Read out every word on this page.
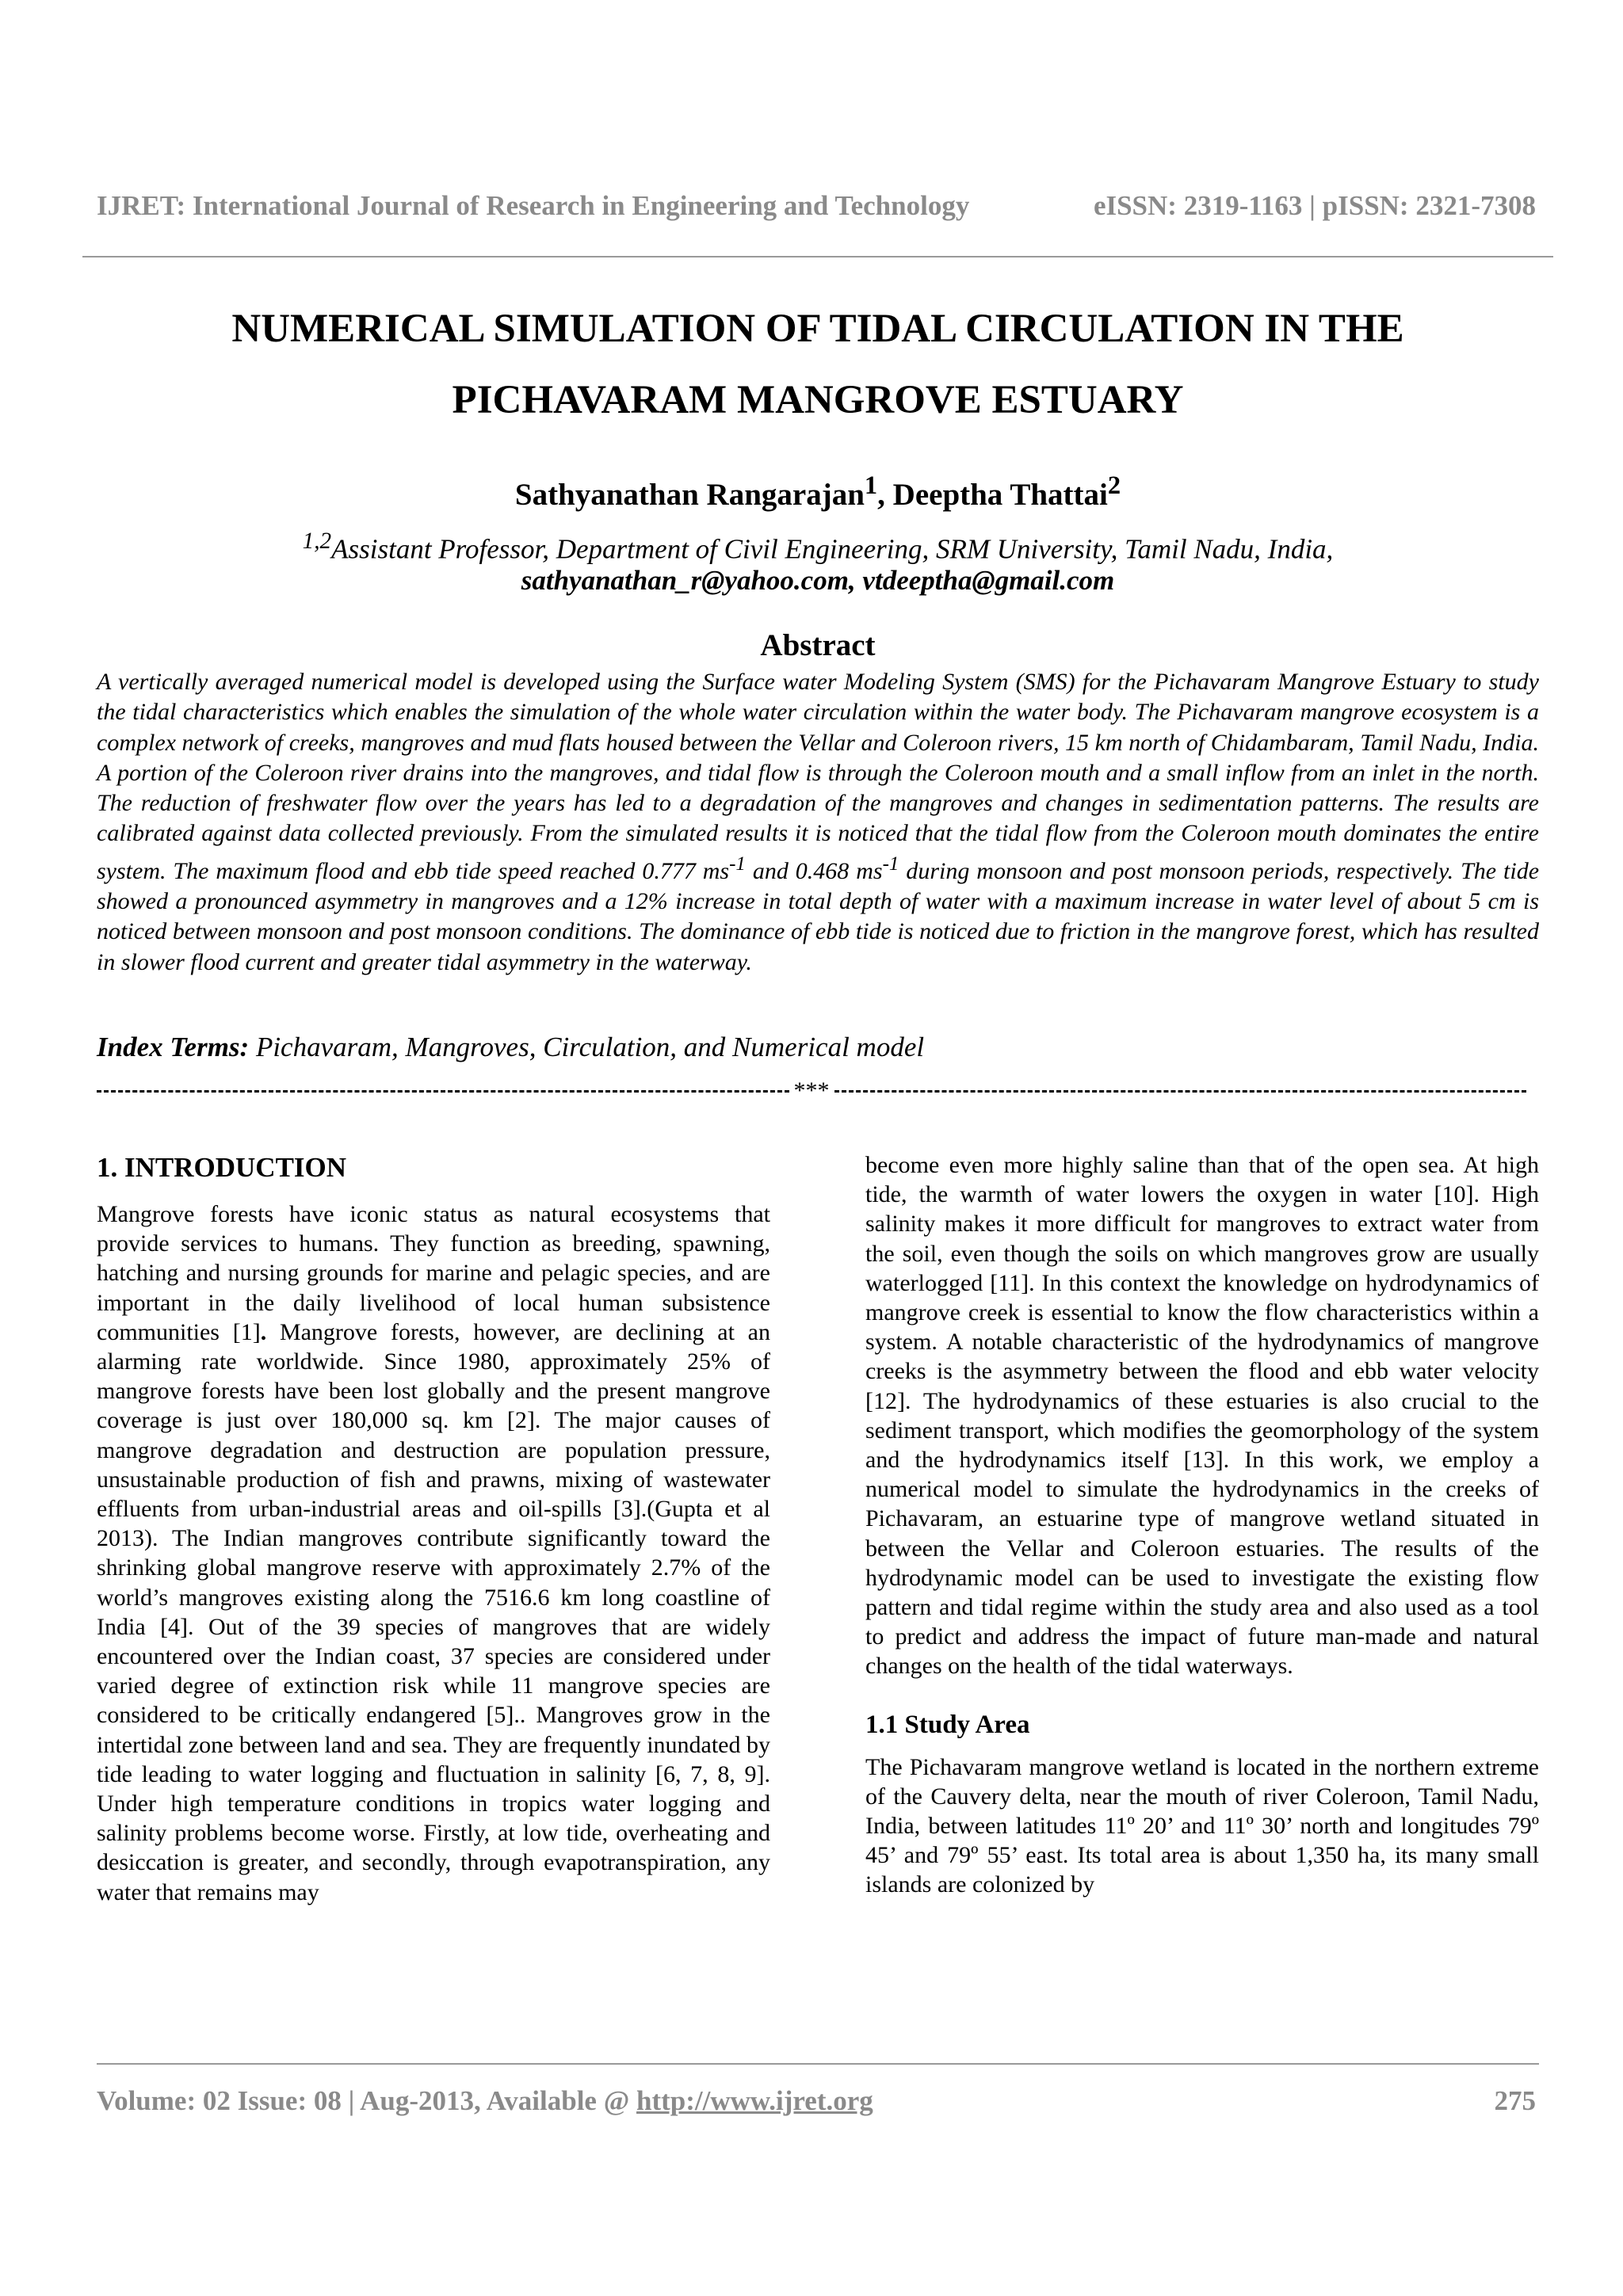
IJRET: International Journal of Research in Engineering and Technology	eISSN: 2319-1163 | pISSN: 2321-7308
NUMERICAL SIMULATION OF TIDAL CIRCULATION IN THE
PICHAVARAM MANGROVE ESTUARY
Sathyanathan Rangarajan$^1$, Deeptha Thattai$^2$
$^{1,2}$Assistant Professor, Department of Civil Engineering, SRM University, Tamil Nadu, India,
sathyanathan_r@yahoo.com, vtdeeptha@gmail.com
Abstract
A vertically averaged numerical model is developed using the Surface water Modeling System (SMS) for the Pichavaram Mangrove Estuary to study the tidal characteristics which enables the simulation of the whole water circulation within the water body. The Pichavaram mangrove ecosystem is a complex network of creeks, mangroves and mud flats housed between the Vellar and Coleroon rivers, 15 km north of Chidambaram, Tamil Nadu, India. A portion of the Coleroon river drains into the mangroves, and tidal flow is through the Coleroon mouth and a small inflow from an inlet in the north. The reduction of freshwater flow over the years has led to a degradation of the mangroves and changes in sedimentation patterns. The results are calibrated against data collected previously. From the simulated results it is noticed that the tidal flow from the Coleroon mouth dominates the entire system. The maximum flood and ebb tide speed reached 0.777 $ms^{-1}$ and 0.468 $ms^{-1}$ during monsoon and post monsoon periods, respectively. The tide showed a pronounced asymmetry in mangroves and a 12% increase in total depth of water with a maximum increase in water level of about 5 cm is noticed between monsoon and post monsoon conditions. The dominance of ebb tide is noticed due to friction in the mangrove forest, which has resulted in slower flood current and greater tidal asymmetry in the waterway.
Index Terms: Pichavaram, Mangroves, Circulation, and Numerical model
***
1. INTRODUCTION

Mangrove forests have iconic status as natural ecosystems that provide services to humans. They function as breeding, spawning, hatching and nursing grounds for marine and pelagic species, and are important in the daily livelihood of local human subsistence communities [1]. Mangrove forests, however, are declining at an alarming rate worldwide. Since 1980, approximately 25% of mangrove forests have been lost globally and the present mangrove coverage is just over 180,000 sq. km [2]. The major causes of mangrove degradation and destruction are population pressure, unsustainable production of fish and prawns, mixing of wastewater effluents from urban-industrial areas and oil-spills [3].(Gupta et al 2013). The Indian mangroves contribute significantly toward the shrinking global mangrove reserve with approximately 2.7% of the world’s mangroves existing along the 7516.6 km long coastline of India [4]. Out of the 39 species of mangroves that are widely encountered over the Indian coast, 37 species are considered under varied degree of extinction risk while 11 mangrove species are considered to be critically endangered [5].. Mangroves grow in the intertidal zone between land and sea. They are frequently inundated by tide leading to water logging and fluctuation in salinity [6, 7, 8, 9]. Under high temperature conditions in tropics water logging and salinity problems become worse. Firstly, at low tide, overheating and desiccation is greater, and secondly, through evapotranspiration, any water that remains may

become even more highly saline than that of the open sea. At high tide, the warmth of water lowers the oxygen in water [10]. High salinity makes it more difficult for mangroves to extract water from the soil, even though the soils on which mangroves grow are usually waterlogged [11]. In this context the knowledge on hydrodynamics of mangrove creek is essential to know the flow characteristics within a system. A notable characteristic of the hydrodynamics of mangrove creeks is the asymmetry between the flood and ebb water velocity [12]. The hydrodynamics of these estuaries is also crucial to the sediment transport, which modifies the geomorphology of the system and the hydrodynamics itself [13]. In this work, we employ a numerical model to simulate the hydrodynamics in the creeks of Pichavaram, an estuarine type of mangrove wetland situated in between the Vellar and Coleroon estuaries. The results of the hydrodynamic model can be used to investigate the existing flow pattern and tidal regime within the study area and also used as a tool to predict and address the impact of future man-made and natural changes on the health of the tidal waterways.

1.1 Study Area

The Pichavaram mangrove wetland is located in the northern extreme of the Cauvery delta, near the mouth of river Coleroon, Tamil Nadu, India, between latitudes 11º 20’ and 11º 30’ north and longitudes 79º 45’ and 79º 55’ east. Its total area is about 1,350 ha, its many small islands are colonized by

Volume: 02 Issue: 08 | Aug-2013, Available @ http://www.ijret.org	275
